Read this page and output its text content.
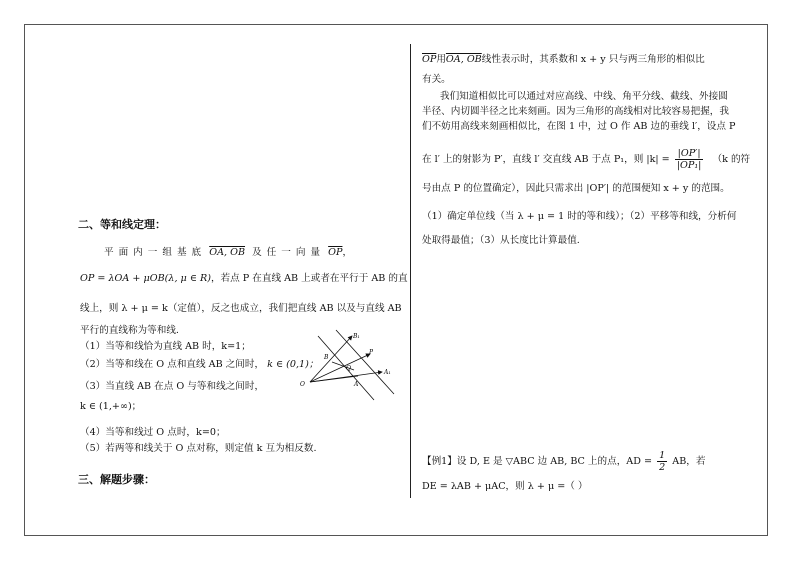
二、等和线定理：
平面内一组基底 OA, OB 及任一向量 $\overline{OP}$，
OP = λOA + μOB(λ, μ ∈ R)，若点 P 在直线 AB 上或者在平行于 AB 的直
线上，则 λ + μ = k（定值），反之也成立，我们把直线 AB 以及与直线 AB
平行的直线称为等和线.
（1）当等和线恰为直线 AB 时，k=1；
（2）当等和线在 O 点和直线 AB 之间时， k ∈ (0,1)；
（3）当直线 AB 在点 O 与等和线之间时，
k ∈ (1,+∞)；
（4）当等和线过 O 点时，k=0；
（5）若两等和线关于 O 点对称，则定值 k 互为相反数.
三、解题步骤：
B₁
B
P
A₁
Q
A
O
$\overline{OP}$用OA, OB线性表示时，其系数和 x + y 只与两三角形的相似比
有关。
我们知道相似比可以通过对应高线、中线、角平分线、截线、外接圆
半径、内切圆半径之比来刻画。因为三角形的高线相对比较容易把握，我
们不妨用高线来刻画相似比，在图 1 中，过 O 作 AB 边的垂线 l′，设点 P
在 l′ 上的射影为 P′，直线 l′ 交直线 AB 于点 P₁，则 $|k| = \frac{|OP'|}{\text{|OP₁|}} (k$ 的符
号由点 P 的位置确定），因此只需求出 |OP′| 的范围便知 x + y 的范围。
（1）确定单位线（当 λ + μ = 1 时的等和线）；（2）平移等和线，分析何
处取得最值；（3）从长度比计算最值.
【例1】设 D, E 是 ▽ABC 边 AB, BC 上的点，AD = $\frac{1}{2}$ AB，若
DE = λAB + μAC，则 λ + μ =（ ）
